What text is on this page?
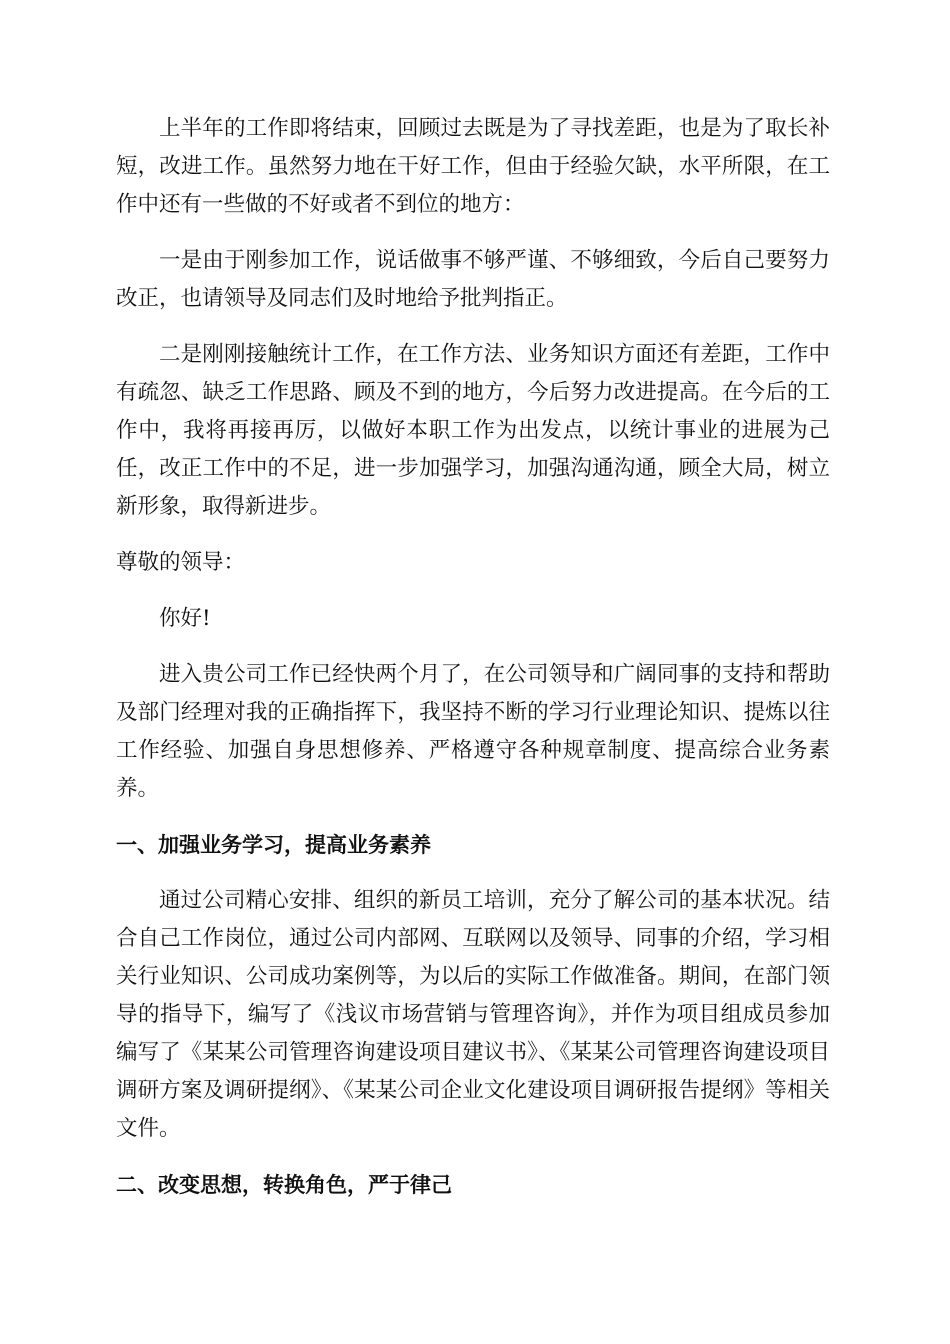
上半年的工作即将结束，回顾过去既是为了寻找差距，也是为了取长补短，改进工作。虽然努力地在干好工作，但由于经验欠缺，水平所限，在工作中还有一些做的不好或者不到位的地方：

一是由于刚参加工作，说话做事不够严谨、不够细致，今后自己要努力改正，也请领导及同志们及时地给予批判指正。

二是刚刚接触统计工作，在工作方法、业务知识方面还有差距，工作中有疏忽、缺乏工作思路、顾及不到的地方，今后努力改进提高。在今后的工作中，我将再接再厉，以做好本职工作为出发点，以统计事业的进展为己任，改正工作中的不足，进一步加强学习，加强沟通沟通，顾全大局，树立新形象，取得新进步。

尊敬的领导：

你好!

进入贵公司工作已经快两个月了，在公司领导和广阔同事的支持和帮助及部门经理对我的正确指挥下，我坚持不断的学习行业理论知识、提炼以往工作经验、加强自身思想修养、严格遵守各种规章制度、提高综合业务素养。

一、加强业务学习，提高业务素养

通过公司精心安排、组织的新员工培训，充分了解公司的基本状况。结合自己工作岗位，通过公司内部网、互联网以及领导、同事的介绍，学习相关行业知识、公司成功案例等，为以后的实际工作做准备。期间，在部门领导的指导下，编写了《浅议市场营销与管理咨询》，并作为项目组成员参加编写了《某某公司管理咨询建设项目建议书》、《某某公司管理咨询建设项目调研方案及调研提纲》、《某某公司企业文化建设项目调研报告提纲》等相关文件。

二、改变思想，转换角色，严于律己
